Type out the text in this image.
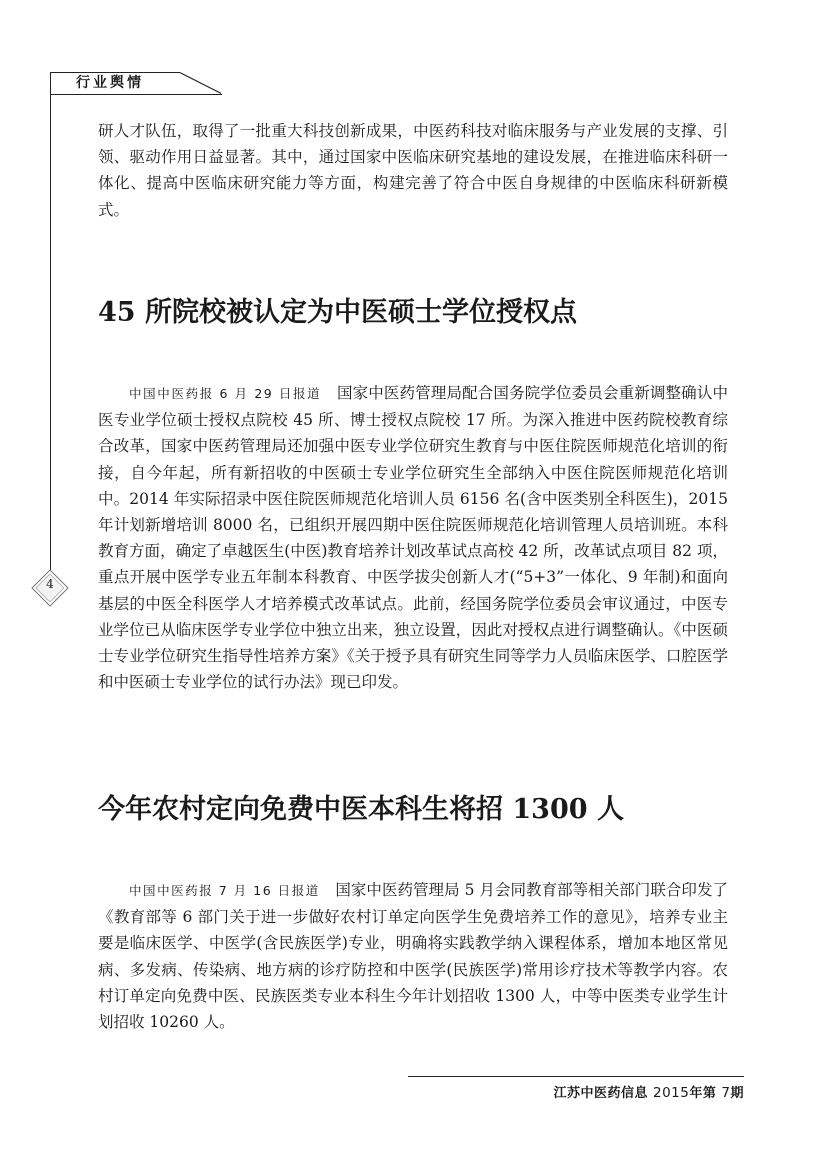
行业舆情
4

研人才队伍，取得了一批重大科技创新成果，中医药科技对临床服务与产业发展的支撑、引领、驱动作用日益显著。其中，通过国家中医临床研究基地的建设发展，在推进临床科研一体化、提高中医临床研究能力等方面，构建完善了符合中医自身规律的中医临床科研新模式。

45 所院校被认定为中医硕士学位授权点

中国中医药报 6 月 29 日报道　 国家中医药管理局配合国务院学位委员会重新调整确认中医专业学位硕士授权点院校 45 所、博士授权点院校 17 所。为深入推进中医药院校教育综合改革，国家中医药管理局还加强中医专业学位研究生教育与中医住院医师规范化培训的衔接，自今年起，所有新招收的中医硕士专业学位研究生全部纳入中医住院医师规范化培训中。2014 年实际招录中医住院医师规范化培训人员 6156 名(含中医类别全科医生)，2015 年计划新增培训 8000 名，已组织开展四期中医住院医师规范化培训管理人员培训班。本科教育方面，确定了卓越医生(中医)教育培养计划改革试点高校 42 所，改革试点项目 82 项，重点开展中医学专业五年制本科教育、中医学拔尖创新人才(“5+3”一体化、9 年制)和面向基层的中医全科医学人才培养模式改革试点。此前，经国务院学位委员会审议通过，中医专业学位已从临床医学专业学位中独立出来，独立设置，因此对授权点进行调整确认。《中医硕士专业学位研究生指导性培养方案》《关于授予具有研究生同等学力人员临床医学、口腔医学和中医硕士专业学位的试行办法》现已印发。

今年农村定向免费中医本科生将招 1300 人

中国中医药报 7 月 16 日报道　 国家中医药管理局 5 月会同教育部等相关部门联合印发了《教育部等 6 部门关于进一步做好农村订单定向医学生免费培养工作的意见》，培养专业主要是临床医学、中医学(含民族医学)专业，明确将实践教学纳入课程体系，增加本地区常见病、多发病、传染病、地方病的诊疗防控和中医学(民族医学)常用诊疗技术等教学内容。农村订单定向免费中医、民族医类专业本科生今年计划招收 1300 人，中等中医类专业学生计划招收 10260 人。

江苏中医药信息 2015年第 7期
